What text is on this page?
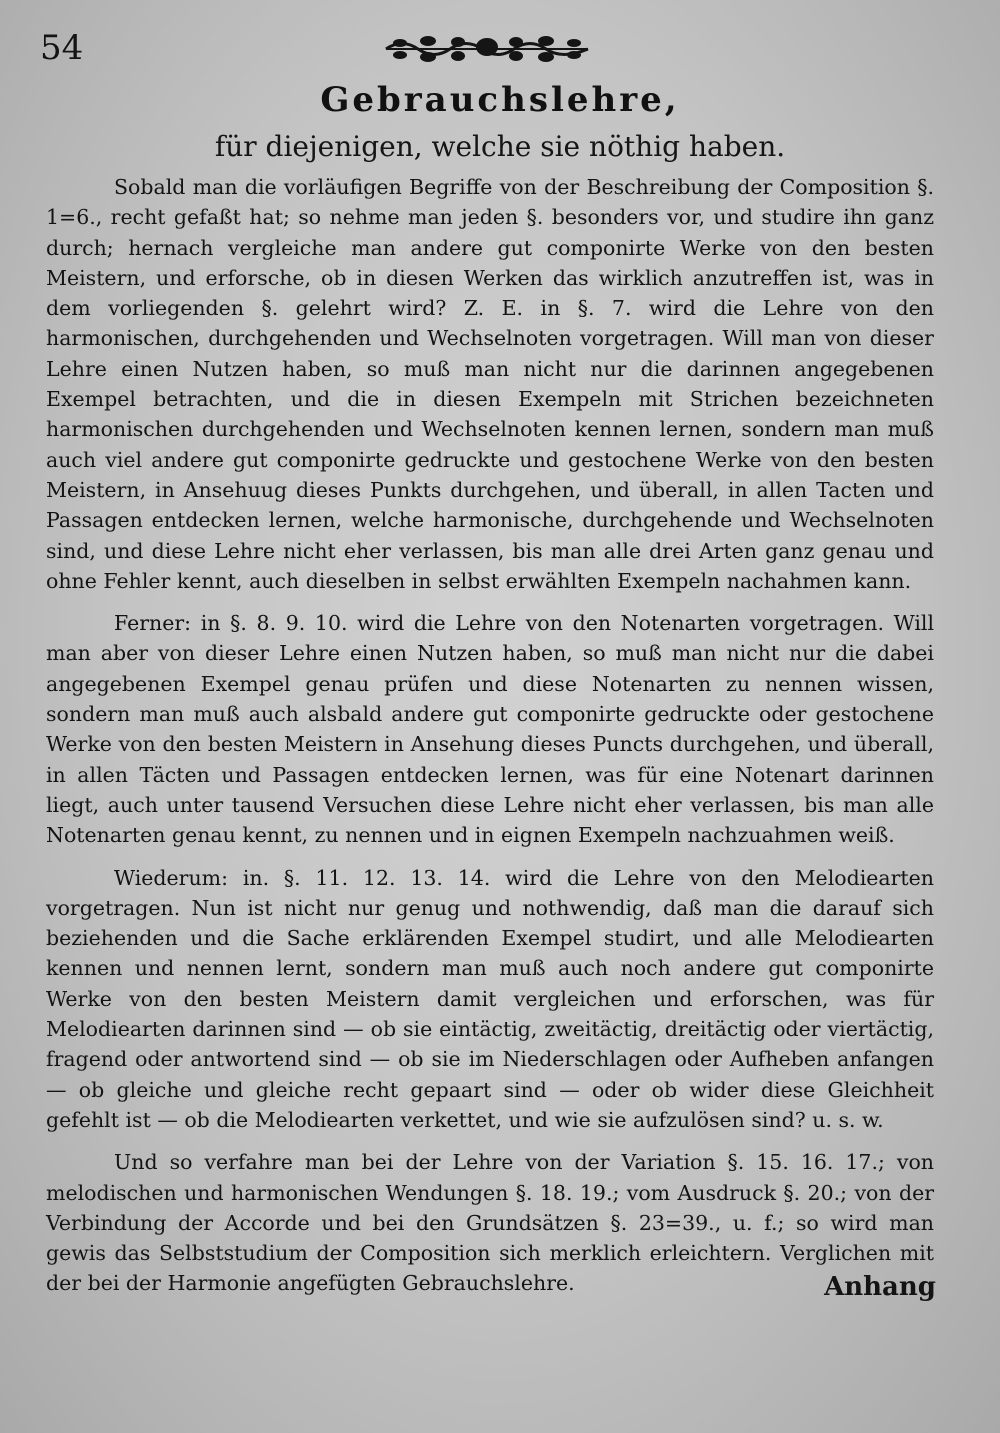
54
Gebrauchslehre,
für diejenigen, welche sie nöthig haben.

Sobald man die vorläufigen Begriffe von der Beschreibung der Composition §. 1=6., recht gefaßt hat; so nehme man jeden §. besonders vor, und studire ihn ganz durch; hernach vergleiche man andere gut componirte Werke von den besten Meistern, und erforsche, ob in diesen Werken das wirklich anzutreffen ist, was in dem vorliegenden §. gelehrt wird? Z. E. in §. 7. wird die Lehre von den harmonischen, durchgehenden und Wechselnoten vorgetragen. Will man von dieser Lehre einen Nutzen haben, so muß man nicht nur die darinnen angegebenen Exempel betrachten, und die in diesen Exempeln mit Strichen bezeichneten harmonischen durchgehenden und Wechselnoten kennen lernen, sondern man muß auch viel andere gut componirte gedruckte und gestochene Werke von den besten Meistern, in Ansehuug dieses Punkts durchgehen, und überall, in allen Tacten und Passagen entdecken lernen, welche harmonische, durchgehende und Wechselnoten sind, und diese Lehre nicht eher verlassen, bis man alle drei Arten ganz genau und ohne Fehler kennt, auch dieselben in selbst erwählten Exempeln nachahmen kann.

Ferner: in §. 8. 9. 10. wird die Lehre von den Notenarten vorgetragen. Will man aber von dieser Lehre einen Nutzen haben, so muß man nicht nur die dabei angegebenen Exempel genau prüfen und diese Notenarten zu nennen wissen, sondern man muß auch alsbald andere gut componirte gedruckte oder gestochene Werke von den besten Meistern in Ansehung dieses Puncts durchgehen, und überall, in allen Täcten und Passagen entdecken lernen, was für eine Notenart darinnen liegt, auch unter tausend Versuchen diese Lehre nicht eher verlassen, bis man alle Notenarten genau kennt, zu nennen und in eignen Exempeln nachzuahmen weiß.

Wiederum: in. §. 11. 12. 13. 14. wird die Lehre von den Melodiearten vorgetragen. Nun ist nicht nur genug und nothwendig, daß man die darauf sich beziehenden und die Sache erklärenden Exempel studirt, und alle Melodiearten kennen und nennen lernt, sondern man muß auch noch andere gut componirte Werke von den besten Meistern damit vergleichen und erforschen, was für Melodiearten darinnen sind — ob sie eintäctig, zweitäctig, dreitäctig oder viertäctig, fragend oder antwortend sind — ob sie im Niederschlagen oder Aufheben anfangen — ob gleiche und gleiche recht gepaart sind — oder ob wider diese Gleichheit gefehlt ist — ob die Melodiearten verkettet, und wie sie aufzulösen sind? u. s. w.

Und so verfahre man bei der Lehre von der Variation §. 15. 16. 17.; von melodischen und harmonischen Wendungen §. 18. 19.; vom Ausdruck §. 20.; von der Verbindung der Accorde und bei den Grundsätzen §. 23=39., u. f.; so wird man gewis das Selbststudium der Composition sich merklich erleichtern. Verglichen mit der bei der Harmonie angefügten Gebrauchslehre.	Anhang
